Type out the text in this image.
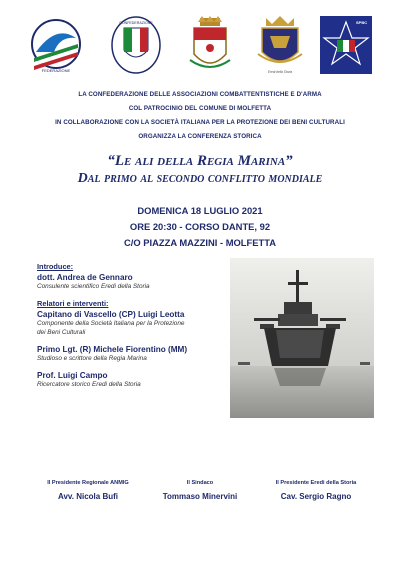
FEDERAZIONE
CONFEDERAZIONE
Eredi della Storia
SPBC
LA CONFEDERAZIONE DELLE ASSOCIAZIONI COMBATTENTISTICHE E D'ARMA
COL PATROCINIO DEL COMUNE DI MOLFETTA
IN COLLABORAZIONE CON LA SOCIETÀ ITALIANA PER LA PROTEZIONE DEI BENI CULTURALI
ORGANIZZA LA CONFERENZA STORICA
“Le ali della Regia Marina”
Dal primo al secondo conflitto mondiale
DOMENICA 18 LUGLIO 2021
ORE 20:30 - CORSO DANTE, 92
C/O PIAZZA MAZZINI - MOLFETTA
Introduce:
dott. Andrea de Gennaro
Consulente scientifico Eredi della Storia
Relatori e interventi:
Capitano di Vascello (CP) Luigi Leotta
Componente della Società Italiana per la Protezione dei Beni Culturali
Primo Lgt. (R) Michele Fiorentino (MM)
Studioso e scrittore della Regia Marina
Prof. Luigi Campo
Ricercatore storico Eredi della Storia
Il Presidente Regionale ANMIG
Avv. Nicola Bufi
Il Sindaco
Tommaso Minervini
Il Presidente Eredi della Storia
Cav. Sergio Ragno
